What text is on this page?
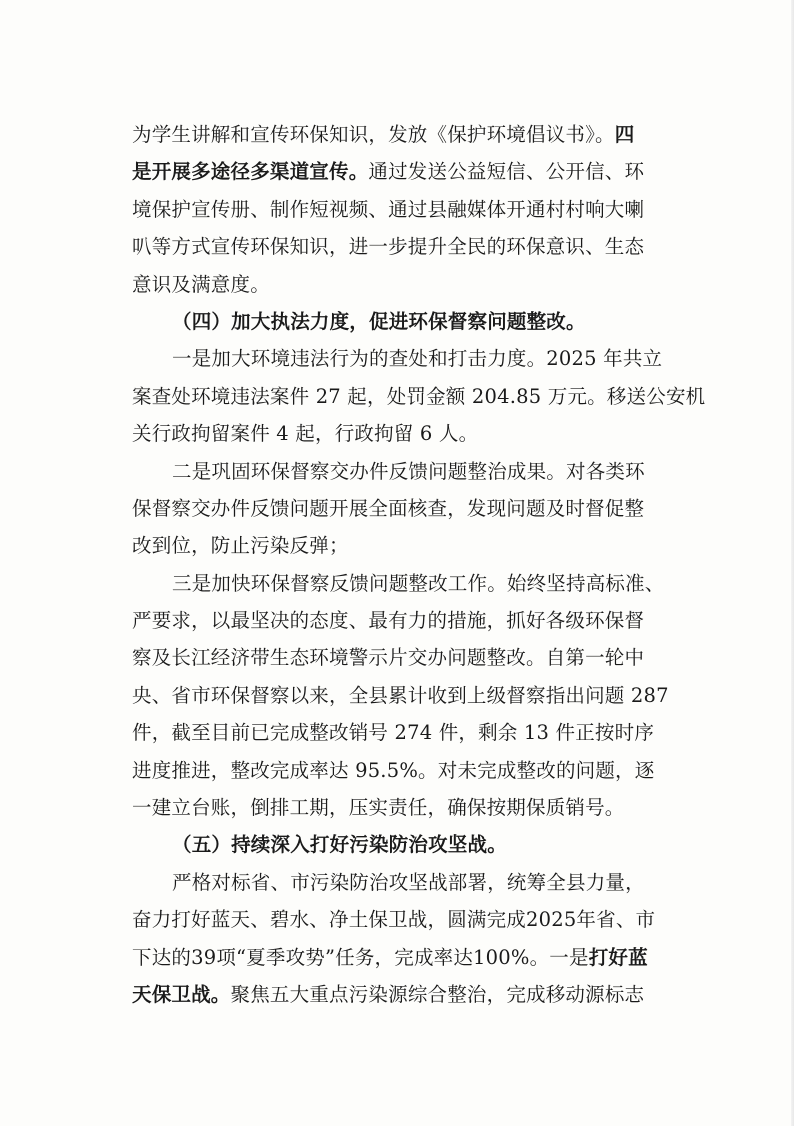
为学生讲解和宣传环保知识，发放《保护环境倡议书》。四
是开展多途径多渠道宣传。通过发送公益短信、公开信、环
境保护宣传册、制作短视频、通过县融媒体开通村村响大喇
叭等方式宣传环保知识，进一步提升全民的环保意识、生态
意识及满意度。
（四）加大执法力度，促进环保督察问题整改。
一是加大环境违法行为的查处和打击力度。2025 年共立
案查处环境违法案件 27 起，处罚金额 204.85 万元。移送公安机
关行政拘留案件 4 起，行政拘留 6 人。
二是巩固环保督察交办件反馈问题整治成果。对各类环
保督察交办件反馈问题开展全面核查，发现问题及时督促整
改到位，防止污染反弹；
三是加快环保督察反馈问题整改工作。始终坚持高标准、
严要求，以最坚决的态度、最有力的措施，抓好各级环保督
察及长江经济带生态环境警示片交办问题整改。自第一轮中
央、省市环保督察以来，全县累计收到上级督察指出问题 287
件，截至目前已完成整改销号 274 件，剩余 13 件正按时序
进度推进，整改完成率达 95.5%。对未完成整改的问题，逐
一建立台账，倒排工期，压实责任，确保按期保质销号。
（五）持续深入打好污染防治攻坚战。
严格对标省、市污染防治攻坚战部署，统筹全县力量，
奋力打好蓝天、碧水、净土保卫战，圆满完成2025年省、市
下达的39项“夏季攻势”任务，完成率达100%。一是打好蓝
天保卫战。聚焦五大重点污染源综合整治，完成移动源标志
